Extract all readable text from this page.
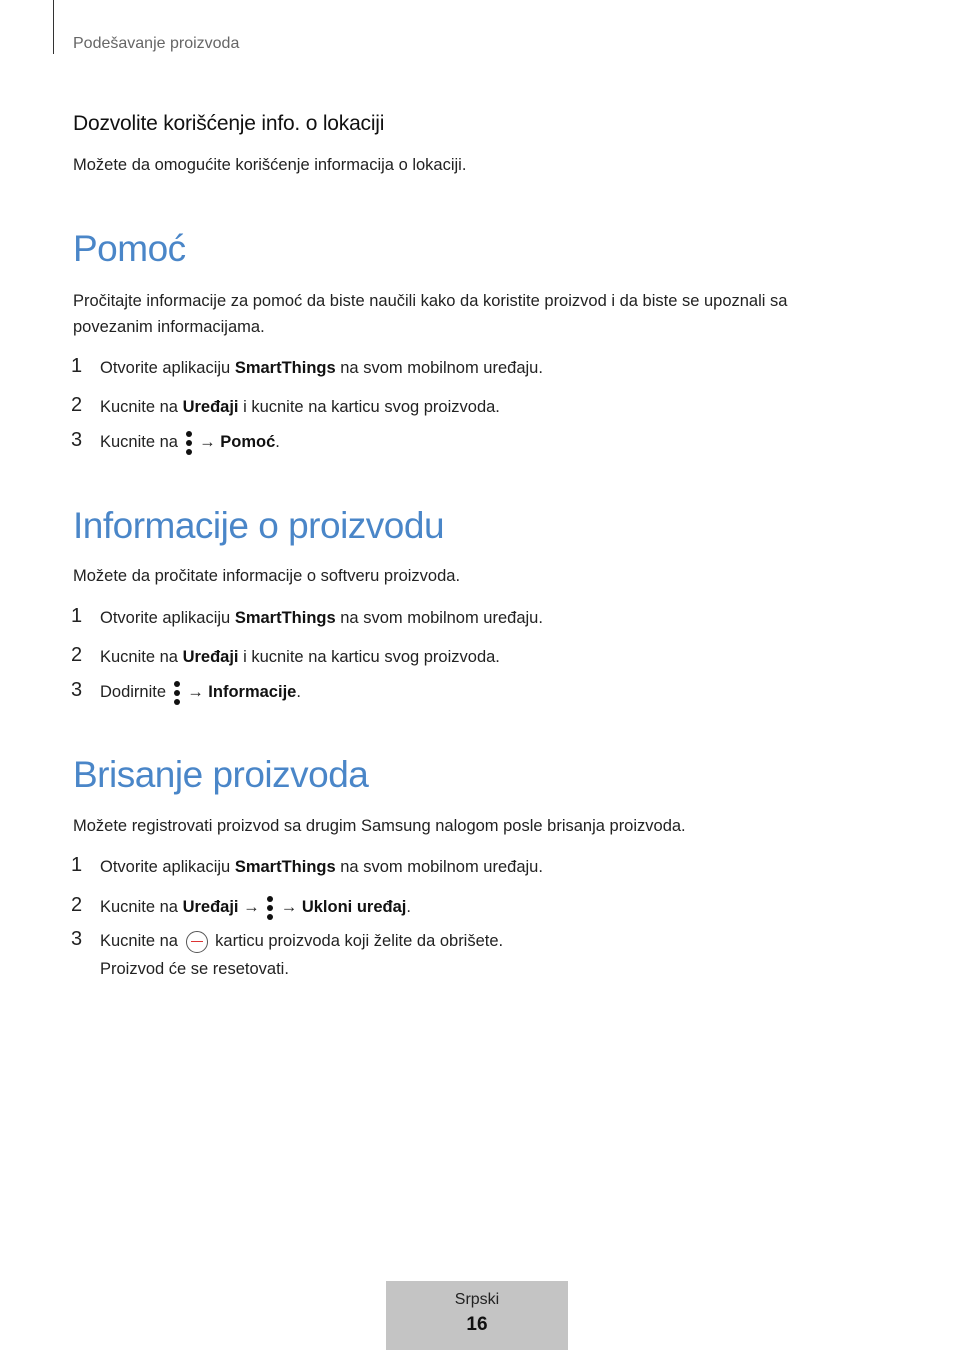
Podešavanje proizvoda
Dozvolite korišćenje info. o lokaciji

Možete da omogućite korišćenje informacija o lokaciji.

Pomoć

Pročitajte informacije za pomoć da biste naučili kako da koristite proizvod i da biste se upoznali sa

povezanim informacijama.

1 Otvorite aplikaciju SmartThings na svom mobilnom uređaju.
2 Kucnite na Uređaji i kucnite na karticu svog proizvoda.
3 Kucnite na
→ Pomoć.
Informacije o proizvodu

Možete da pročitate informacije o softveru proizvoda.

1 Otvorite aplikaciju SmartThings na svom mobilnom uređaju.
2 Kucnite na Uređaji i kucnite na karticu svog proizvoda.
3 Dodirnite
→ Informacije.
Brisanje proizvoda

Možete registrovati proizvod sa drugim Samsung nalogom posle brisanja proizvoda.

1 Otvorite aplikaciju SmartThings na svom mobilnom uređaju.
2 Kucnite na Uređaji →
→ Ukloni uređaj.
3 Kucnite na  karticu proizvoda koji želite da obrišete.

Proizvod će se resetovati.

Srpski
16
